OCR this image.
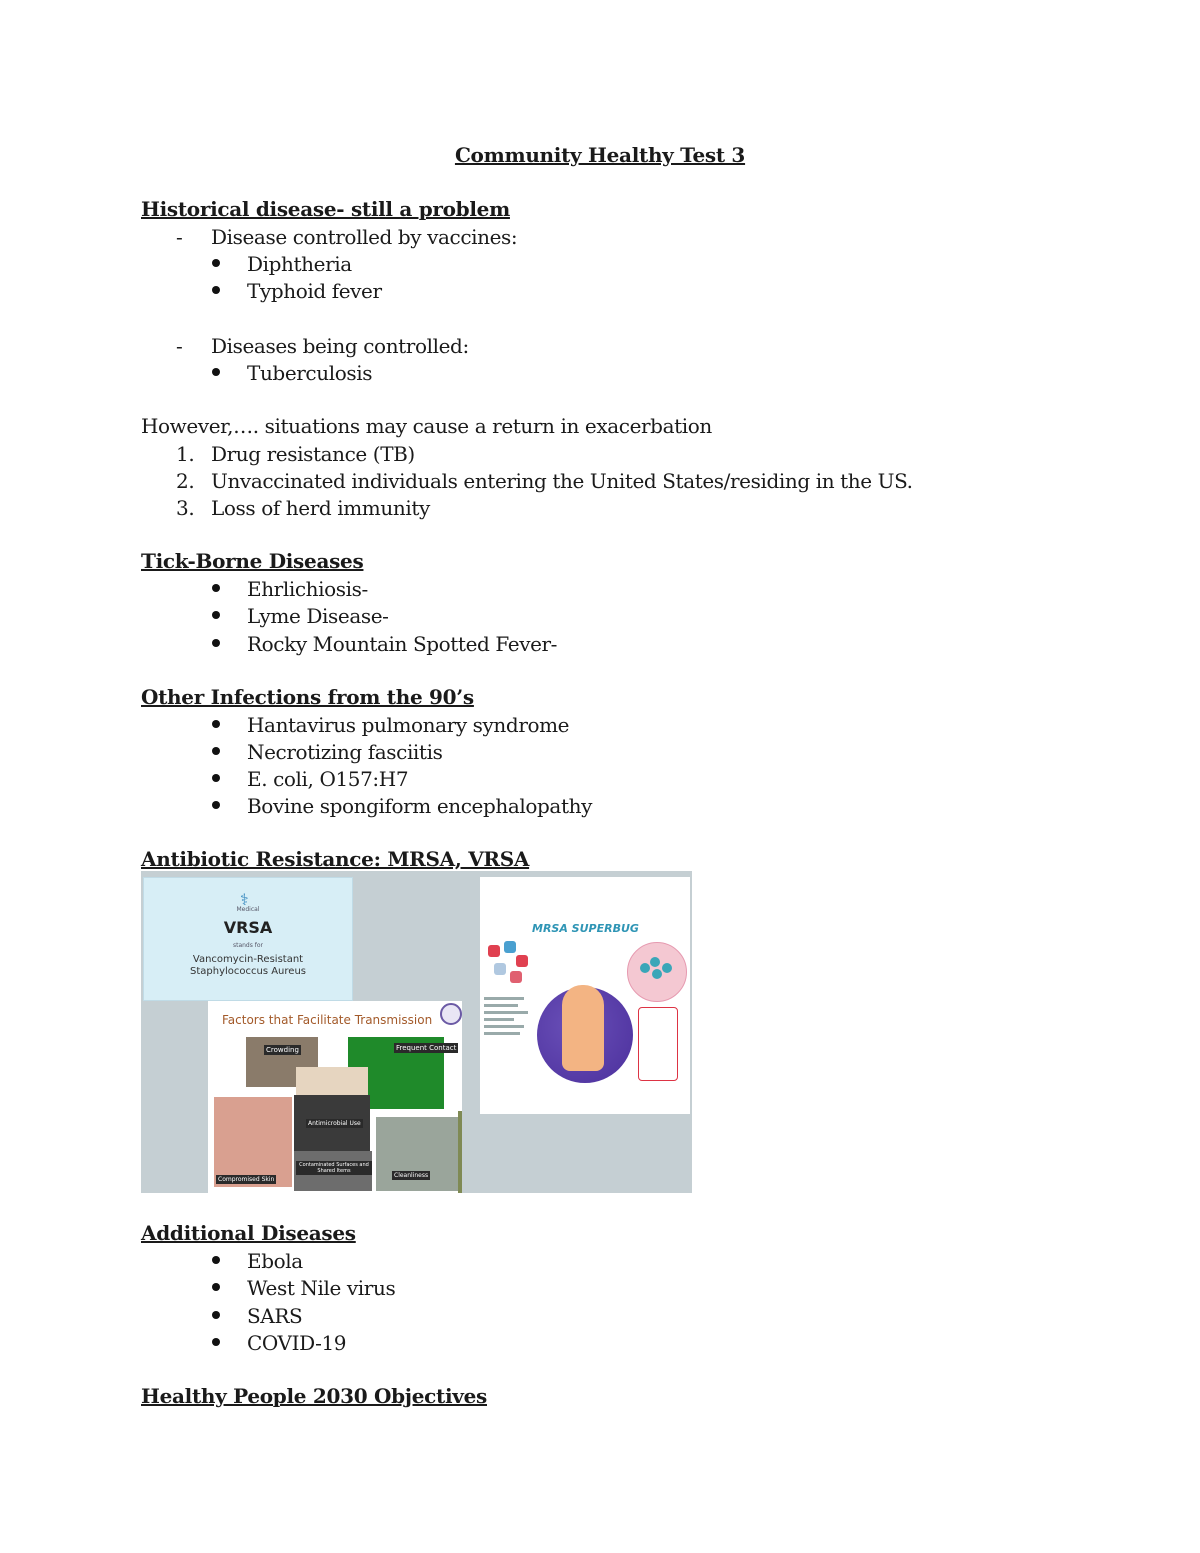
Community Healthy Test 3
Historical disease- still a problem
- Disease controlled by vaccines:
Diphtheria
Typhoid fever
- Diseases being controlled:
Tuberculosis
However,…. situations may cause a return in exacerbation
1. Drug resistance (TB)
2. Unvaccinated individuals entering the United States/residing in the US.
3. Loss of herd immunity
Tick-Borne Diseases
Ehrlichiosis-
Lyme Disease-
Rocky Mountain Spotted Fever-
Other Infections from the 90’s
Hantavirus pulmonary syndrome
Necrotizing fasciitis
E. coli, O157:H7
Bovine spongiform encephalopathy
Antibiotic Resistance: MRSA, VRSA
⚕
Medical
VRSA
stands for
Vancomycin-Resistant
Staphylococcus Aureus
MRSA SUPERBUG
Factors that Facilitate Transmission
Crowding	Frequent Contact
Antimicrobial Use
Compromised Skin
Contaminated Surfaces and Shared Items
Cleanliness
Additional Diseases
Ebola
West Nile virus
SARS
COVID-19
Healthy People 2030 Objectives
